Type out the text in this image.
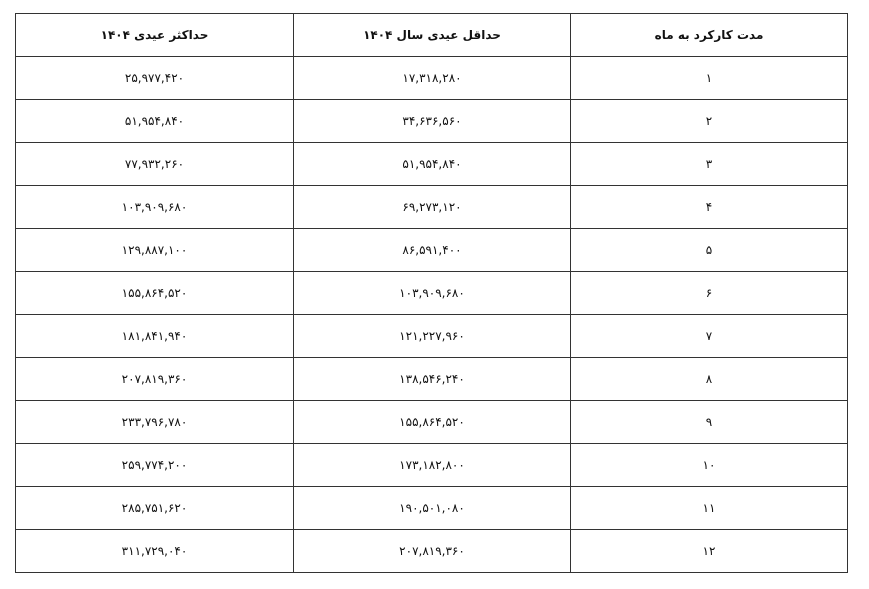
مدت کارکرد به ماه	حداقل عیدی سال ۱۴۰۴	حداکثر عیدی ۱۴۰۴
۱	۱۷,۳۱۸,۲۸۰	۲۵,۹۷۷,۴۲۰
۲	۳۴,۶۳۶,۵۶۰	۵۱,۹۵۴,۸۴۰
۳	۵۱,۹۵۴,۸۴۰	۷۷,۹۳۲,۲۶۰
۴	۶۹,۲۷۳,۱۲۰	۱۰۳,۹۰۹,۶۸۰
۵	۸۶,۵۹۱,۴۰۰	۱۲۹,۸۸۷,۱۰۰
۶	۱۰۳,۹۰۹,۶۸۰	۱۵۵,۸۶۴,۵۲۰
۷	۱۲۱,۲۲۷,۹۶۰	۱۸۱,۸۴۱,۹۴۰
۸	۱۳۸,۵۴۶,۲۴۰	۲۰۷,۸۱۹,۳۶۰
۹	۱۵۵,۸۶۴,۵۲۰	۲۳۳,۷۹۶,۷۸۰
۱۰	۱۷۳,۱۸۲,۸۰۰	۲۵۹,۷۷۴,۲۰۰
۱۱	۱۹۰,۵۰۱,۰۸۰	۲۸۵,۷۵۱,۶۲۰
۱۲	۲۰۷,۸۱۹,۳۶۰	۳۱۱,۷۲۹,۰۴۰
